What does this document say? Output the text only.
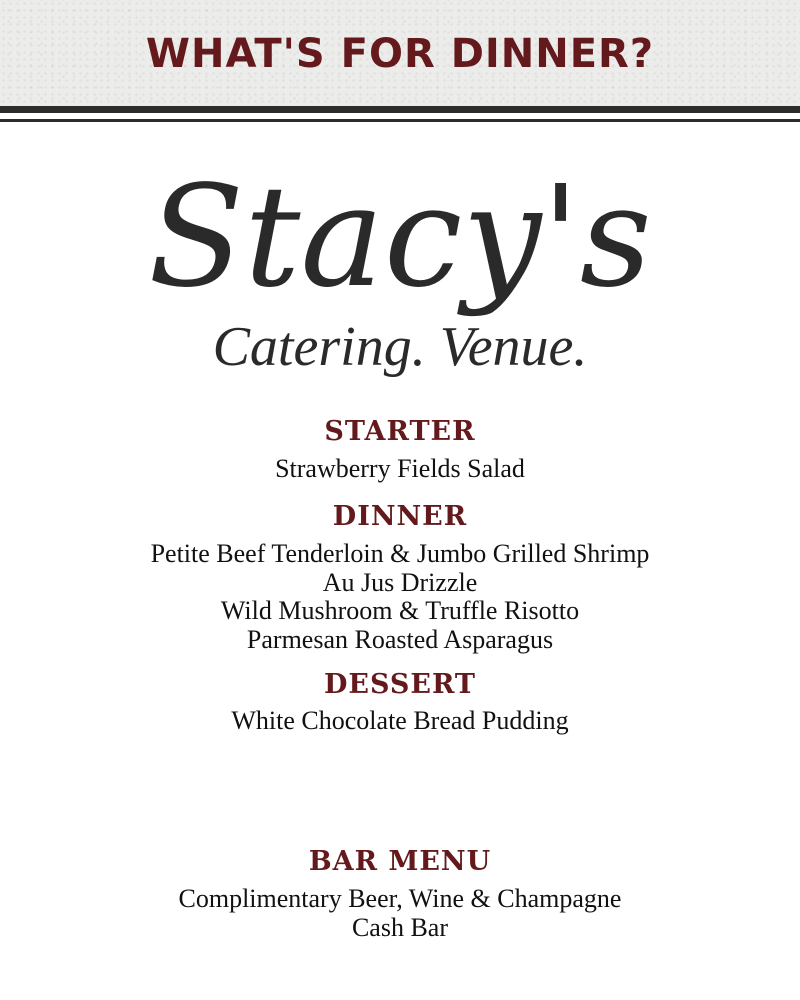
WHAT'S FOR DINNER?
Stacy's
Catering. Venue.
STARTER
Strawberry Fields Salad
DINNER
Petite Beef Tenderloin & Jumbo Grilled Shrimp
Au Jus Drizzle
Wild Mushroom & Truffle Risotto
Parmesan Roasted Asparagus
DESSERT
White Chocolate Bread Pudding
BAR MENU
Complimentary Beer, Wine & Champagne
Cash Bar
